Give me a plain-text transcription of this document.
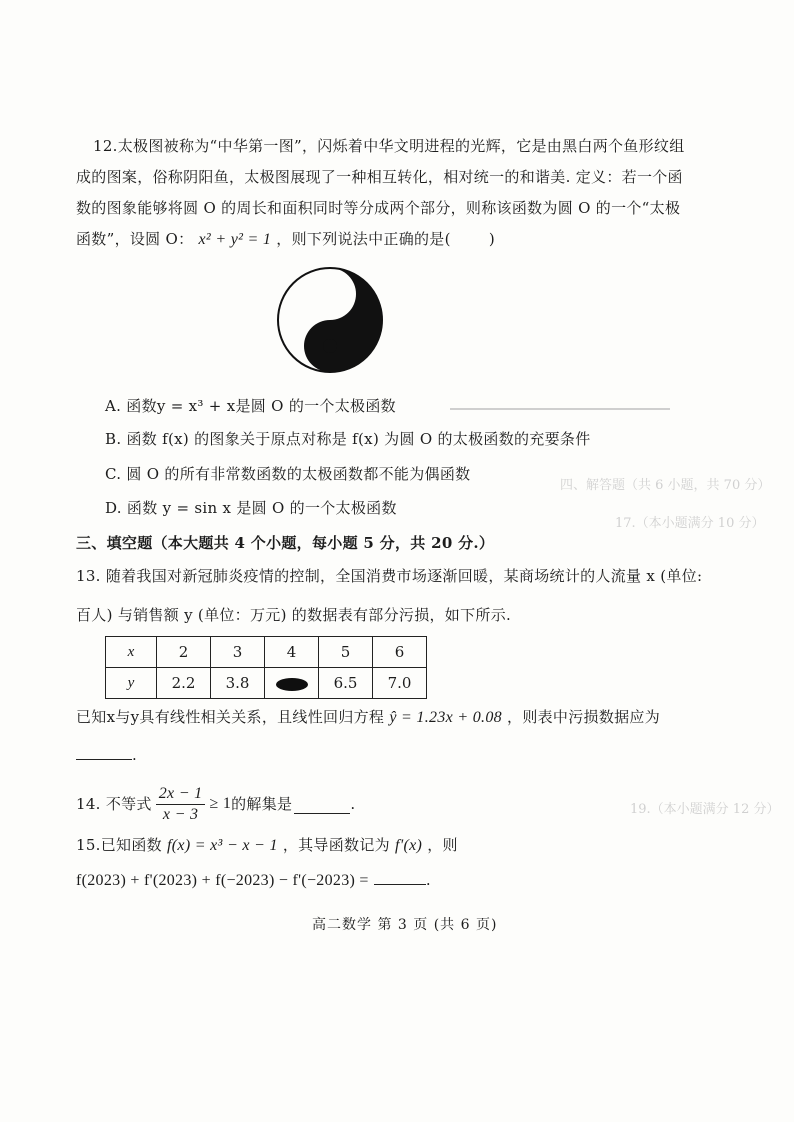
四、解答题（共 6 小题，共 70 分）
17.（本小题满分 10 分）
19.（本小题满分 12 分）
12.太极图被称为“中华第一图”，闪烁着中华文明进程的光辉，它是由黑白两个鱼形纹组
成的图案，俗称阴阳鱼，太极图展现了一种相互转化，相对统一的和谐美. 定义：若一个函
数的图象能够将圆 O 的周长和面积同时等分成两个部分，则称该函数为圆 O 的一个“太极
函数”，设圆 O： x² + y² = 1 ，则下列说法中正确的是(	)
A. 函数y = x³ + x是圆 O 的一个太极函数
B. 函数 f(x) 的图象关于原点对称是 f(x) 为圆 O 的太极函数的充要条件
C. 圆 O 的所有非常数函数的太极函数都不能为偶函数
D. 函数 y = sin x 是圆 O 的一个太极函数
三、填空题（本大题共 4 个小题，每小题 5 分，共 20 分.）
13. 随着我国对新冠肺炎疫情的控制，全国消费市场逐渐回暖，某商场统计的人流量 x (单位:
百人) 与销售额 y (单位：万元) 的数据表有部分污损，如下所示.
x	2	3	4	5	6
y	2.2	3.8		6.5	7.0
已知x与y具有线性相关关系，且线性回归方程 ŷ = 1.23x + 0.08 ，则表中污损数据应为
.
14. 不等式 $\frac{2x - 1}{x - 3} \ge 1$ 的解集是	.
15.已知函数 f(x) = x³ − x − 1 ，其导函数记为 f'(x) ，则
f(2023) + f'(2023) + f(−2023) − f'(−2023) =	.
高二数学 第 3 页 (共 6 页)
